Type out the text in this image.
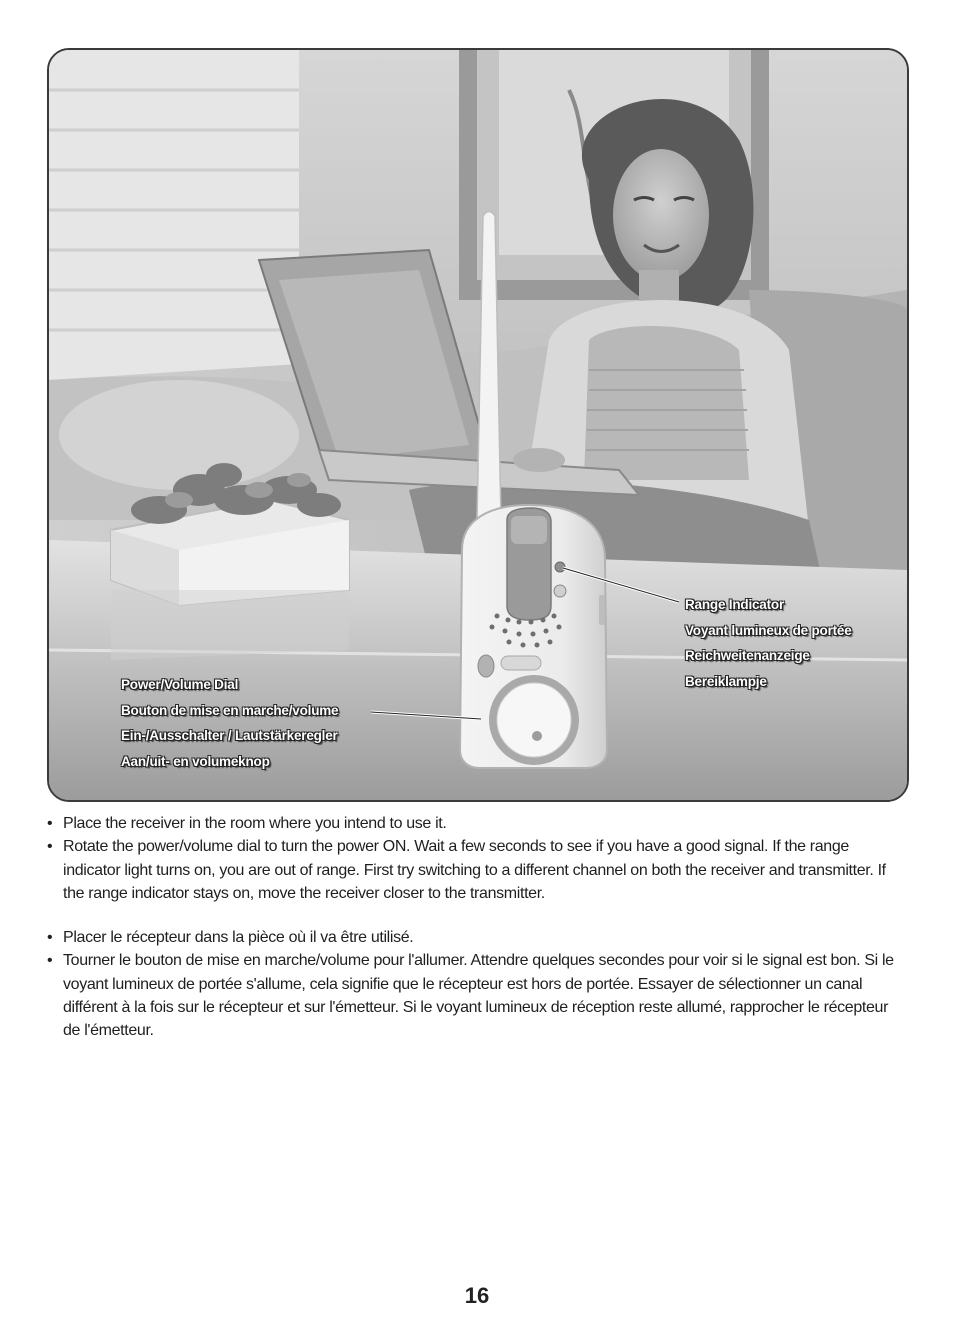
Power/Volume Dial
Bouton de mise en marche/volume
Ein-/Ausschalter / Lautstärkeregler
Aan/uit- en volumeknop
Range Indicator
Voyant lumineux de portée
Reichweitenanzeige
Bereiklampje
• Place the receiver in the room where you intend to use it.
• Rotate the power/volume dial to turn the power ON. Wait a few seconds to see if you have a good signal. If the range indicator light turns on, you are out of range. First try switching to a different channel on both the receiver and transmitter. If the range indicator stays on, move the receiver closer to the transmitter.
• Placer le récepteur dans la pièce où il va être utilisé.
• Tourner le bouton de mise en marche/volume pour l'allumer. Attendre quelques secondes pour voir si le signal est bon. Si le voyant lumineux de portée s'allume, cela signifie que le récepteur est hors de portée. Essayer de sélectionner un canal différent à la fois sur le récepteur et sur l'émetteur. Si le voyant lumineux de réception reste allumé, rapprocher le récepteur de l'émetteur.
16
